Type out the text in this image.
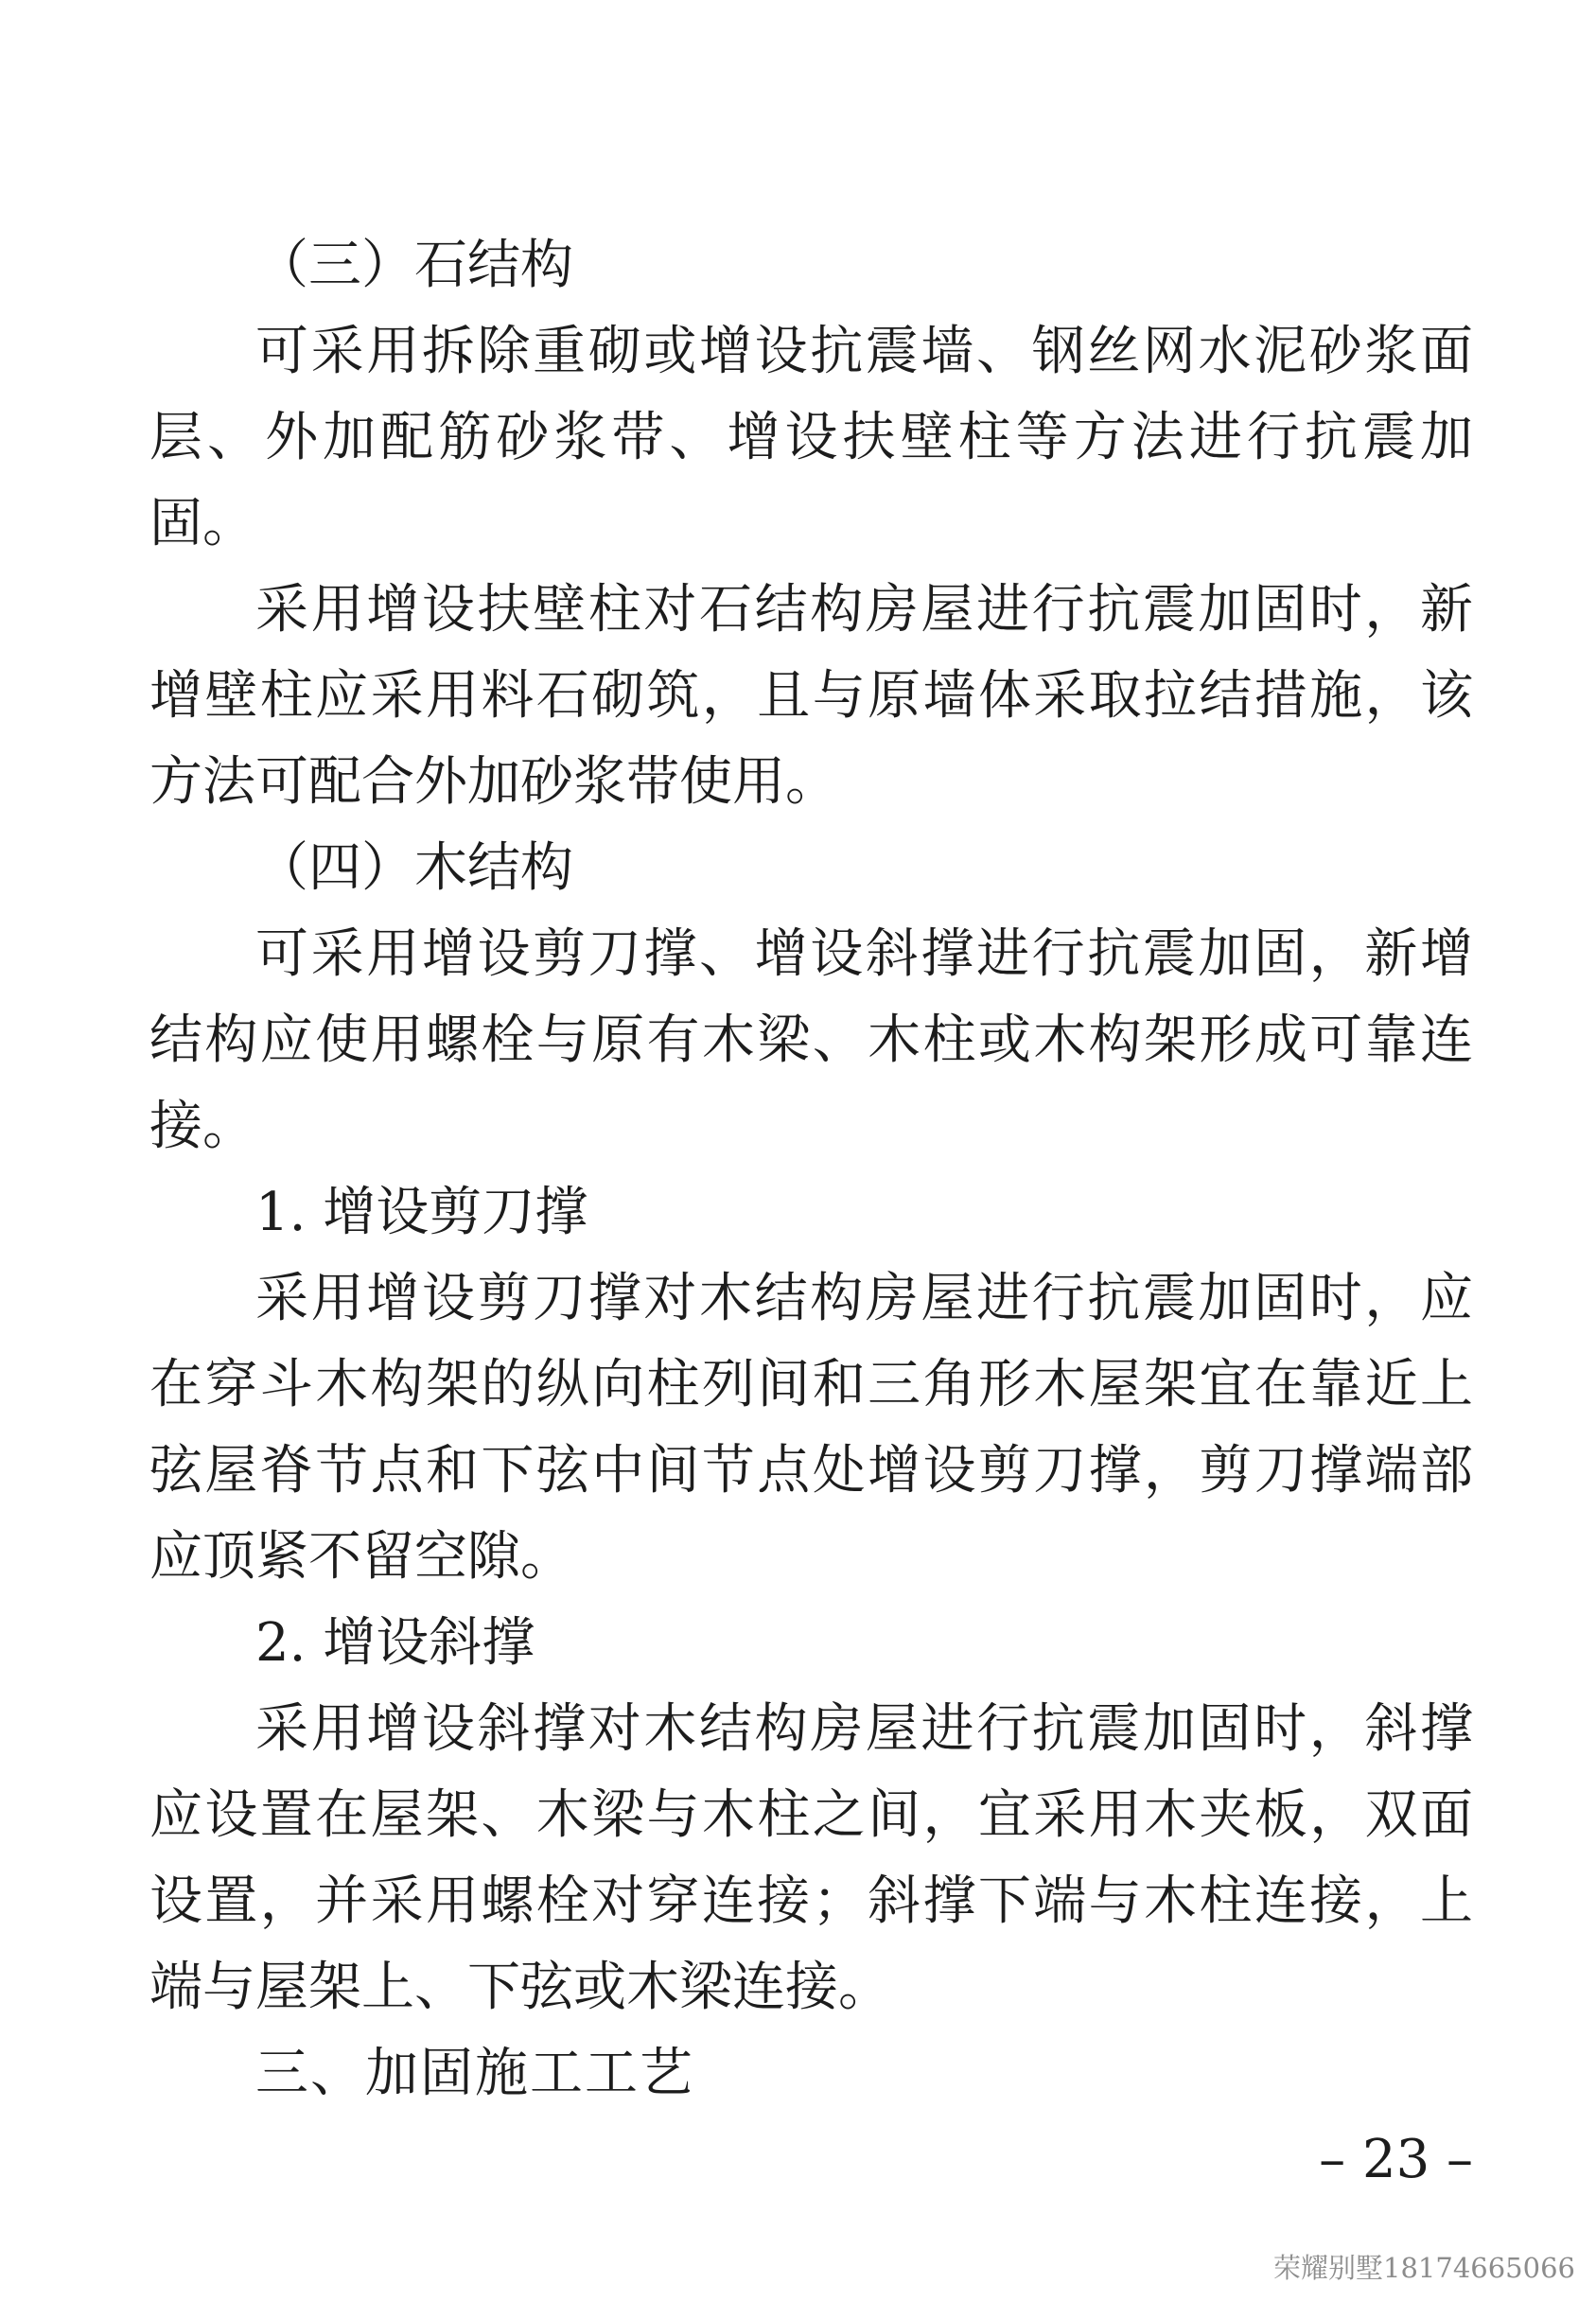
（三）石结构

可采用拆除重砌或增设抗震墙、钢丝网水泥砂浆面层、外加配筋砂浆带、增设扶壁柱等方法进行抗震加固。

采用增设扶壁柱对石结构房屋进行抗震加固时，新增壁柱应采用料石砌筑，且与原墙体采取拉结措施，该方法可配合外加砂浆带使用。

（四）木结构

可采用增设剪刀撑、增设斜撑进行抗震加固，新增结构应使用螺栓与原有木梁、木柱或木构架形成可靠连接。

1. 增设剪刀撑

采用增设剪刀撑对木结构房屋进行抗震加固时，应在穿斗木构架的纵向柱列间和三角形木屋架宜在靠近上弦屋脊节点和下弦中间节点处增设剪刀撑，剪刀撑端部应顶紧不留空隙。

2. 增设斜撑

采用增设斜撑对木结构房屋进行抗震加固时，斜撑应设置在屋架、木梁与木柱之间，宜采用木夹板，双面设置，并采用螺栓对穿连接；斜撑下端与木柱连接，上端与屋架上、下弦或木梁连接。

三、加固施工工艺

– 23 –

荣耀别墅18174665066
